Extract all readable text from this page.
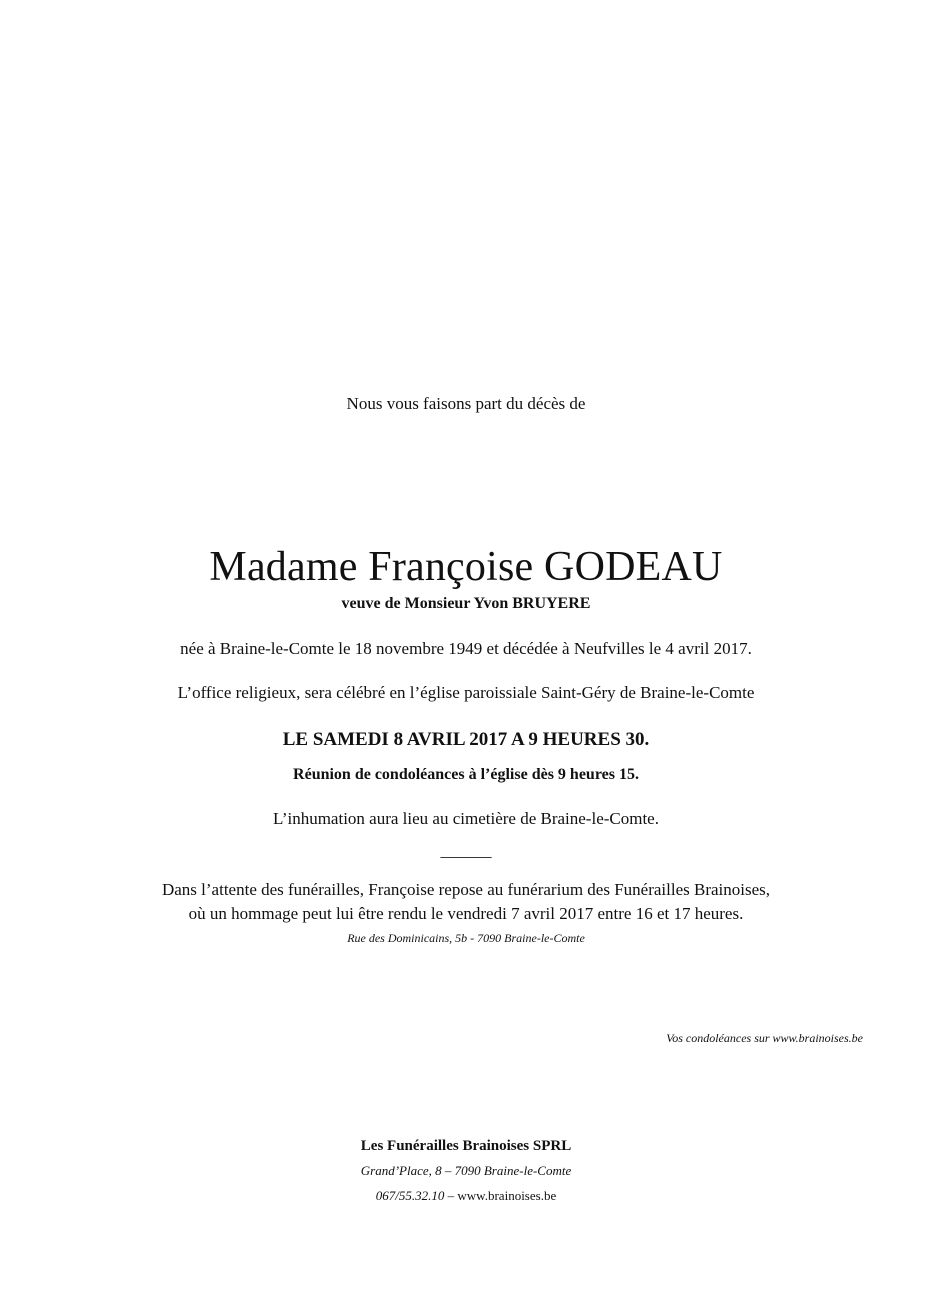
Nous vous faisons part du décès de
Madame Françoise GODEAU
veuve de Monsieur Yvon BRUYERE
née à Braine-le-Comte le 18 novembre 1949 et décédée à Neufvilles le 4 avril 2017.
L’office religieux, sera célébré en l’église paroissiale Saint-Géry de Braine-le-Comte
LE SAMEDI 8 AVRIL 2017 A 9 HEURES 30.
Réunion de condoléances à l’église dès 9 heures 15.
L’inhumation aura lieu au cimetière de Braine-le-Comte.
______
Dans l’attente des funérailles, Françoise repose au funérarium des Funérailles Brainoises,
où un hommage peut lui être rendu le vendredi 7 avril 2017 entre 16 et 17 heures.
Rue des Dominicains, 5b - 7090 Braine-le-Comte
Vos condoléances sur www.brainoises.be
Les Funérailles Brainoises SPRL
Grand’Place, 8 – 7090 Braine-le-Comte
067/55.32.10 – www.brainoises.be
